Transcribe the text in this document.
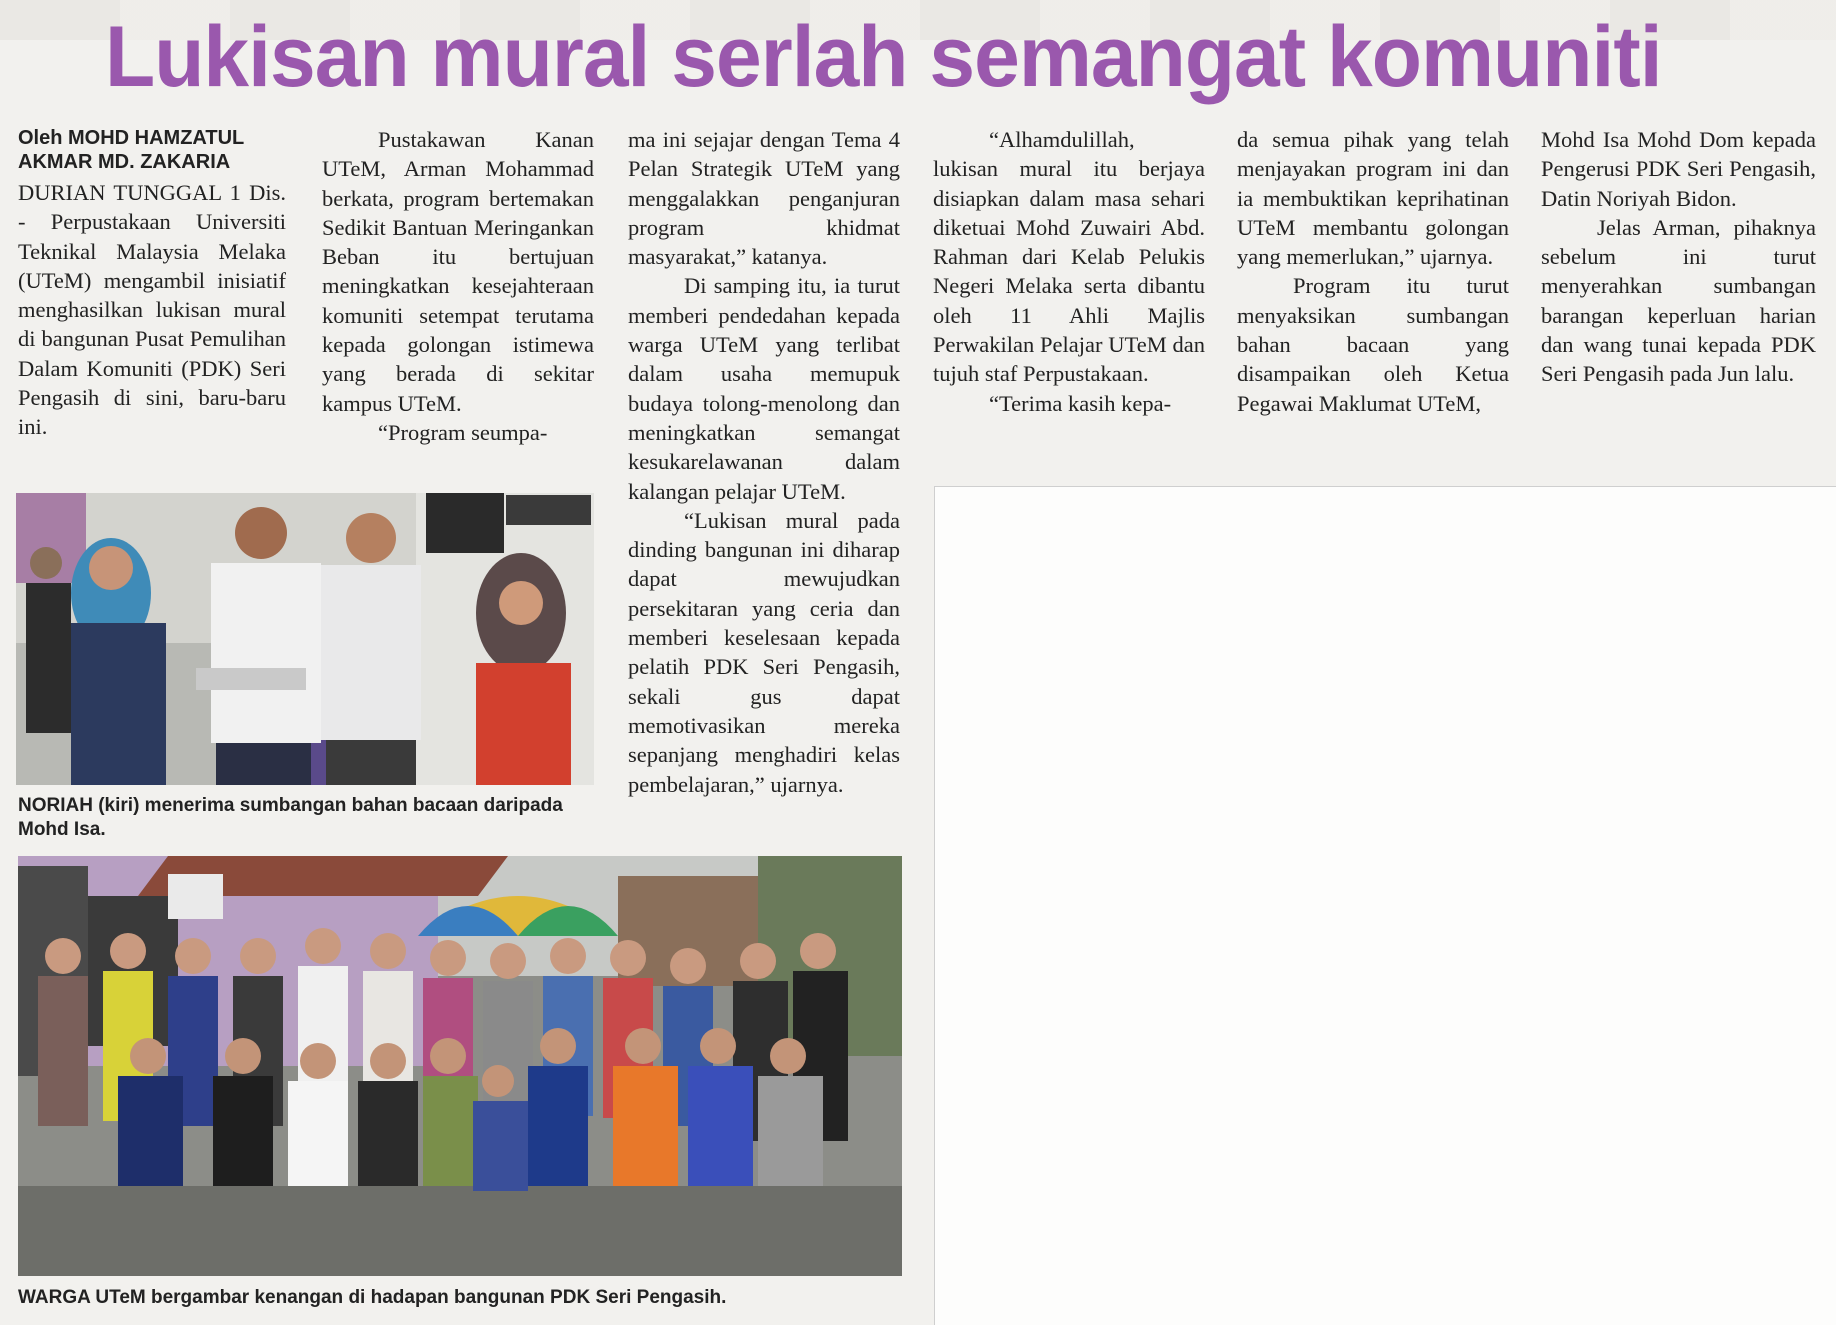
Lukisan mural serlah semangat komuniti
Oleh MOHD HAMZATUL AKMAR MD. ZAKARIA

DURIAN TUNGGAL 1 Dis. - Perpustakaan Universiti Teknikal Malaysia Melaka (UTeM) mengambil inisiatif menghasilkan lukisan mural di bangunan Pusat Pemulihan Dalam Komuniti (PDK) Seri Pengasih di sini, baru-baru ini.

Pustakawan Kanan UTeM, Arman Mohammad berkata, program bertemakan Sedikit Bantuan Meringankan Beban itu bertujuan meningkatkan kesejahteraan komuniti setempat terutama kepada golongan istimewa yang berada di sekitar kampus UTeM.

“Program seumpa-

ma ini sejajar dengan Tema 4 Pelan Strategik UTeM yang menggalakkan penganjuran program khidmat masyarakat,” katanya.

Di samping itu, ia turut memberi pendedahan kepada warga UTeM yang terlibat dalam usaha memupuk budaya tolong-menolong dan meningkatkan semangat kesukarelawanan dalam kalangan pelajar UTeM.

“Lukisan mural pada dinding bangunan ini diharap dapat mewujudkan persekitaran yang ceria dan memberi keselesaan kepada pelatih PDK Seri Pengasih, sekali gus dapat memotivasikan mereka sepanjang menghadiri kelas pembelajaran,” ujarnya.

“Alhamdulillah, lukisan mural itu berjaya disiapkan dalam masa sehari diketuai Mohd Zuwairi Abd. Rahman dari Kelab Pelukis Negeri Melaka serta dibantu oleh 11 Ahli Majlis Perwakilan Pelajar UTeM dan tujuh staf Perpustakaan.

“Terima kasih kepa-

da semua pihak yang telah menjayakan program ini dan ia membuktikan keprihatinan UTeM membantu golongan yang memerlukan,” ujarnya.

Program itu turut menyaksikan sumbangan bahan bacaan yang disampaikan oleh Ketua Pegawai Maklumat UTeM,

Mohd Isa Mohd Dom kepada Pengerusi PDK Seri Pengasih, Datin Noriyah Bidon.

Jelas Arman, pihaknya sebelum ini turut menyerahkan sumbangan barangan keperluan harian dan wang tunai kepada PDK Seri Pengasih pada Jun lalu.

NORIAH (kiri) menerima sumbangan bahan bacaan daripada Mohd Isa.
WARGA UTeM bergambar kenangan di hadapan bangunan PDK Seri Pengasih.
